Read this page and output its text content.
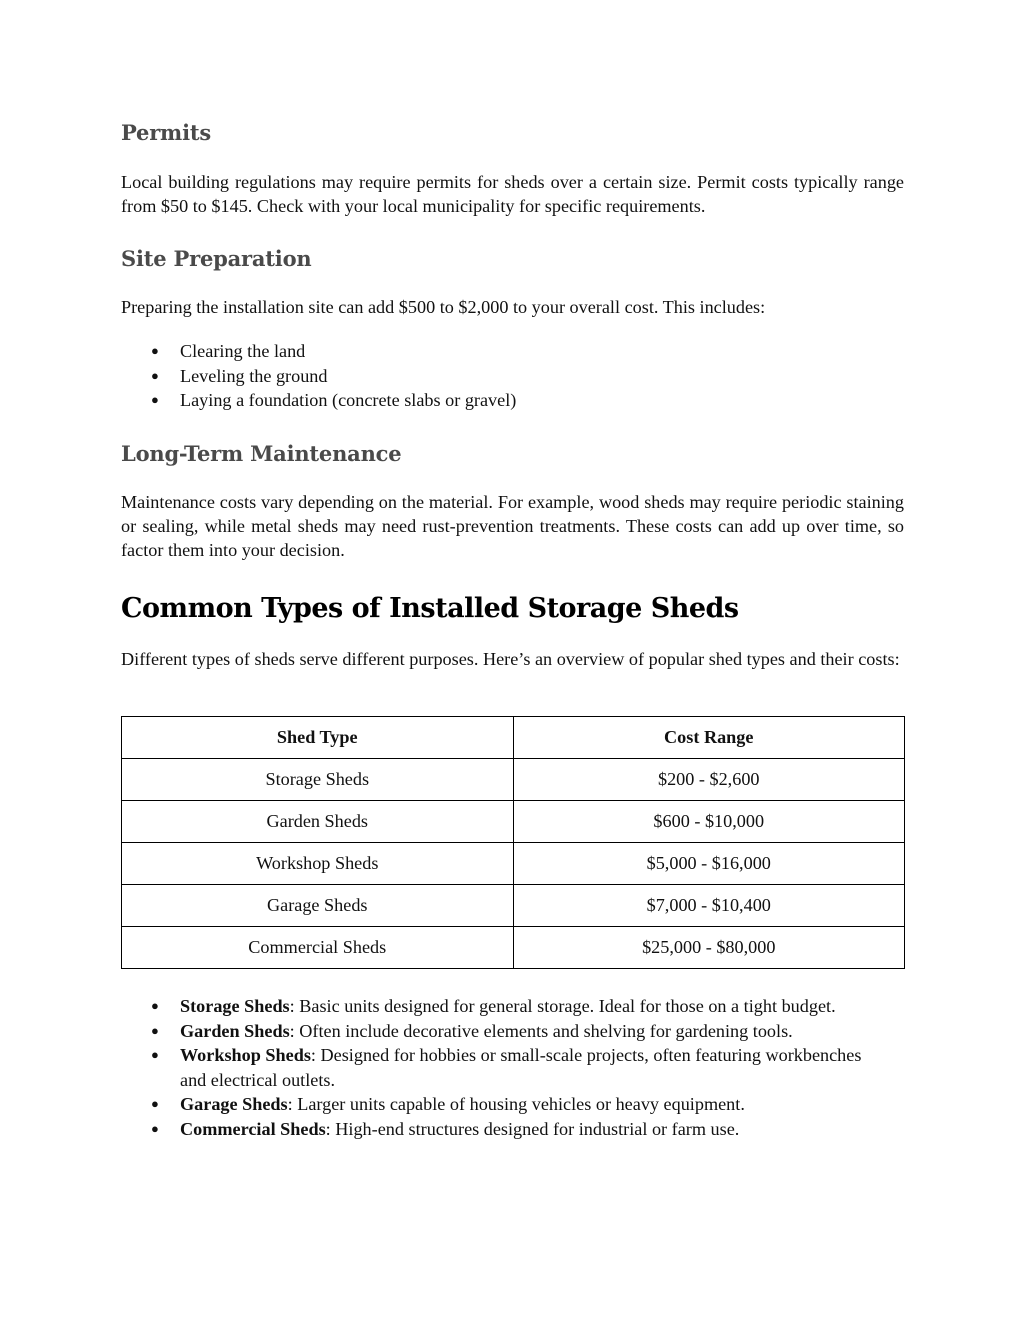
Permits

Local building regulations may require permits for sheds over a certain size. Permit costs typically range from $50 to $145. Check with your local municipality for specific requirements.

Site Preparation

Preparing the installation site can add $500 to $2,000 to your overall cost. This includes:

● Clearing the land
● Leveling the ground
● Laying a foundation (concrete slabs or gravel)
Long-Term Maintenance

Maintenance costs vary depending on the material. For example, wood sheds may require periodic staining or sealing, while metal sheds may need rust-prevention treatments. These costs can add up over time, so factor them into your decision.

Common Types of Installed Storage Sheds

Different types of sheds serve different purposes. Here’s an overview of popular shed types and their costs:

Shed Type	Cost Range
Storage Sheds	$200 - $2,600
Garden Sheds	$600 - $10,000
Workshop Sheds	$5,000 - $16,000
Garage Sheds	$7,000 - $10,400
Commercial Sheds	$25,000 - $80,000
● Storage Sheds: Basic units designed for general storage. Ideal for those on a tight budget.
● Garden Sheds: Often include decorative elements and shelving for gardening tools.
● Workshop Sheds: Designed for hobbies or small-scale projects, often featuring workbenches and electrical outlets.
● Garage Sheds: Larger units capable of housing vehicles or heavy equipment.
● Commercial Sheds: High-end structures designed for industrial or farm use.
